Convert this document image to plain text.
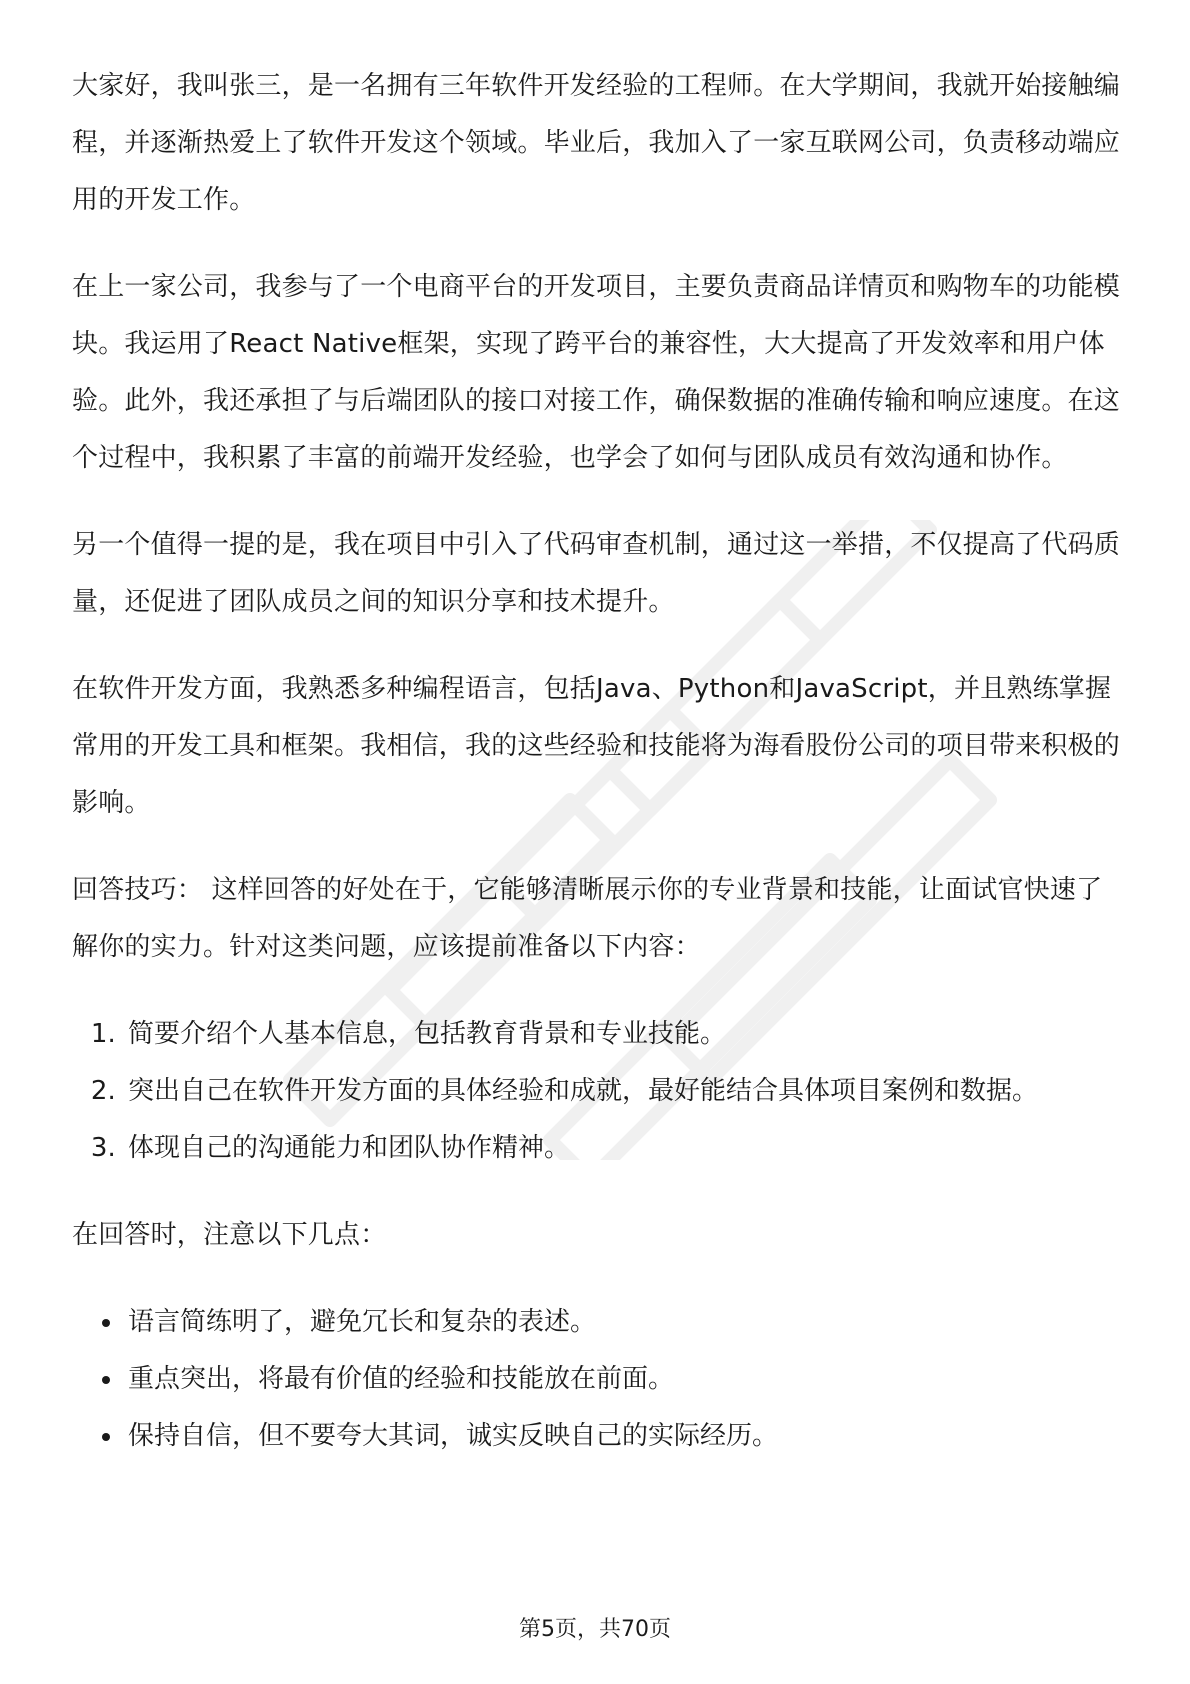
大家好，我叫张三，是一名拥有三年软件开发经验的工程师。在大学期间，我就开始接触编程，并逐渐热爱上了软件开发这个领域。毕业后，我加入了一家互联网公司，负责移动端应用的开发工作。

在上一家公司，我参与了一个电商平台的开发项目，主要负责商品详情页和购物车的功能模块。我运用了React Native框架，实现了跨平台的兼容性，大大提高了开发效率和用户体验。此外，我还承担了与后端团队的接口对接工作，确保数据的准确传输和响应速度。在这个过程中，我积累了丰富的前端开发经验，也学会了如何与团队成员有效沟通和协作。

另一个值得一提的是，我在项目中引入了代码审查机制，通过这一举措，不仅提高了代码质量，还促进了团队成员之间的知识分享和技术提升。

在软件开发方面，我熟悉多种编程语言，包括Java、Python和JavaScript，并且熟练掌握常用的开发工具和框架。我相信，我的这些经验和技能将为海看股份公司的项目带来积极的影响。

回答技巧： 这样回答的好处在于，它能够清晰展示你的专业背景和技能，让面试官快速了解你的实力。针对这类问题，应该提前准备以下内容：

1. 简要介绍个人基本信息，包括教育背景和专业技能。
2. 突出自己在软件开发方面的具体经验和成就，最好能结合具体项目案例和数据。
3. 体现自己的沟通能力和团队协作精神。

在回答时，注意以下几点：

• 语言简练明了，避免冗长和复杂的表述。
• 重点突出，将最有价值的经验和技能放在前面。
• 保持自信，但不要夸大其词，诚实反映自己的实际经历。
第5页，共70页
